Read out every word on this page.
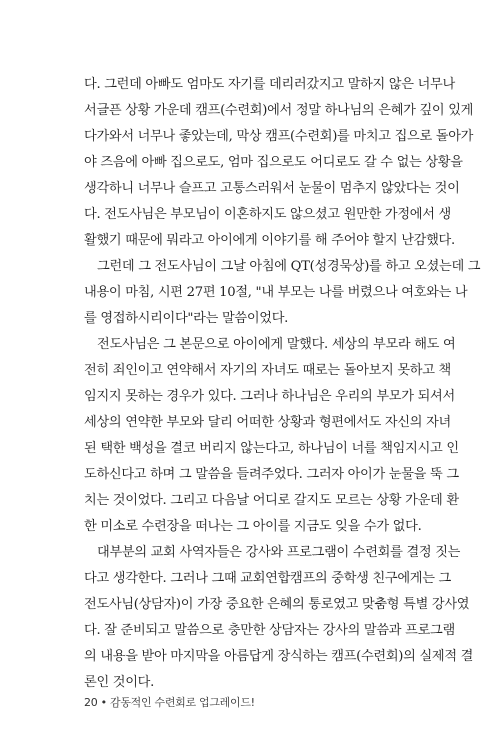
다. 그런데 아빠도 엄마도 자기를 데리러갔지고 말하지 않은 너무나
서글픈 상황 가운데 캠프(수련회)에서 정말 하나님의 은혜가 깊이 있게
다가와서 너무나 좋았는데, 막상 캠프(수련회)를 마치고 집으로 돌아가
야 즈음에 아빠 집으로도, 엄마 집으로도 어디로도 갈 수 없는 상황을
생각하니 너무나 슬프고 고통스러워서 눈물이 멈추지 않았다는 것이
다. 전도사님은 부모님이 이혼하지도 않으셨고 원만한 가정에서 생
활했기 때문에 뭐라고 아이에게 이야기를 해 주어야 할지 난감했다.
그런데 그 전도사님이 그날 아침에 QT(성경묵상)를 하고 오셨는데 그
내용이 마침, 시편 27편 10절, "내 부모는 나를 버렸으나 여호와는 나
를 영접하시리이다"라는 말씀이었다.
전도사님은 그 본문으로 아이에게 말했다. 세상의 부모라 해도 여
전히 죄인이고 연약해서 자기의 자녀도 때로는 돌아보지 못하고 책
임지지 못하는 경우가 있다. 그러나 하나님은 우리의 부모가 되셔서
세상의 연약한 부모와 달리 어떠한 상황과 형편에서도 자신의 자녀
된 택한 백성을 결코 버리지 않는다고, 하나님이 너를 책임지시고 인
도하신다고 하며 그 말씀을 들려주었다. 그러자 아이가 눈물을 뚝 그
치는 것이었다. 그리고 다음날 어디로 갈지도 모르는 상황 가운데 환
한 미소로 수련장을 떠나는 그 아이를 지금도 잊을 수가 없다.
대부분의 교회 사역자들은 강사와 프로그램이 수련회를 결정 짓는
다고 생각한다. 그러나 그때 교회연합캠프의 중학생 친구에게는 그
전도사님(상담자)이 가장 중요한 은혜의 통로였고 맞춤형 특별 강사였
다. 잘 준비되고 말씀으로 충만한 상담자는 강사의 말씀과 프로그램
의 내용을 받아 마지막을 아름답게 장식하는 캠프(수련회)의 실제적 결
론인 것이다.
20 • 감동적인 수련회로 업그레이드!
